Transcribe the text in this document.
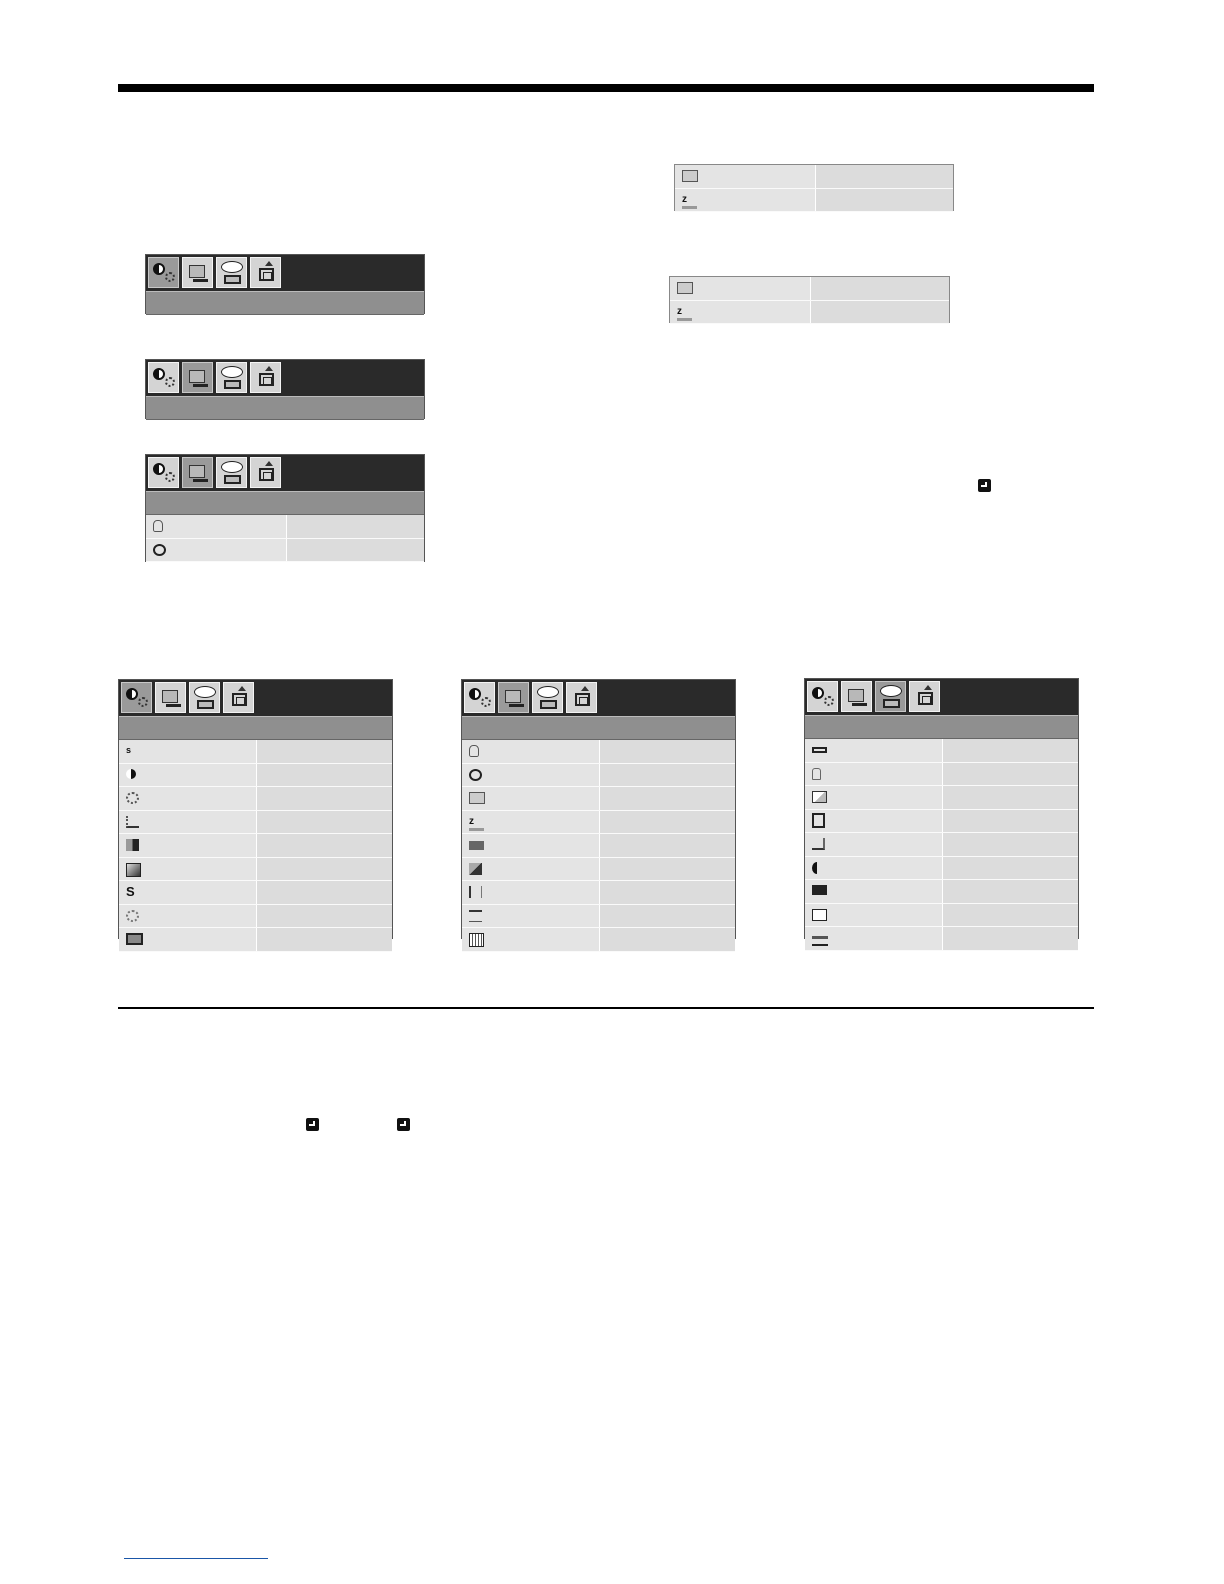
z
z
s
S
z
